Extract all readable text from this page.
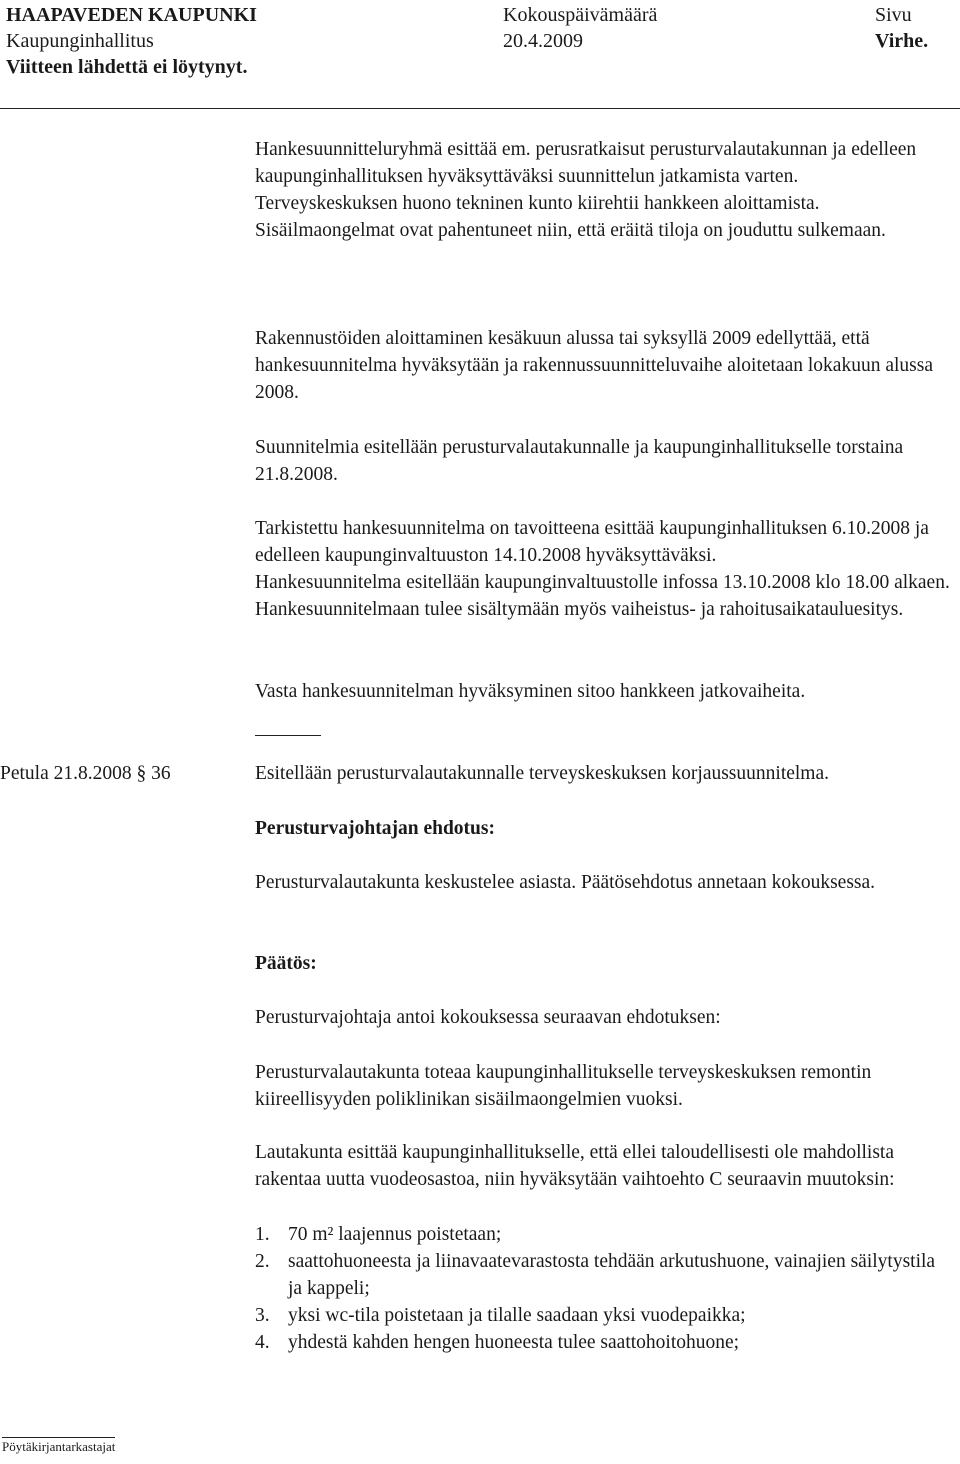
HAAPAVEDEN KAUPUNKI
Kaupunginhallitus
Viitteen lähdettä ei löytynyt.
Kokouspäivämäärä
20.4.2009
Sivu
Virhe.

Hankesuunnitteluryhmä esittää em. perusratkaisut perusturvalautakunnan ja edelleen kaupunginhallituksen hyväksyttäväksi suunnittelun jatkamista varten.

Terveyskeskuksen huono tekninen kunto kiirehtii hankkeen aloittamista.

Sisäilmaongelmat ovat pahentuneet niin, että eräitä tiloja on jouduttu sulkemaan.

Rakennustöiden aloittaminen kesäkuun alussa tai syksyllä 2009 edellyttää, että hankesuunnitelma hyväksytään ja rakennussuunnitteluvaihe aloitetaan lokakuun alussa 2008.
Suunnitelmia esitellään perusturvalautakunnalle ja kaupunginhallitukselle torstaina 21.8.2008.

Tarkistettu hankesuunnitelma on tavoitteena esittää kaupunginhallituksen 6.10.2008 ja edelleen kaupunginvaltuuston 14.10.2008 hyväksyttäväksi.

Hankesuunnitelma esitellään kaupunginvaltuustolle infossa 13.10.2008 klo 18.00 alkaen.

Hankesuunnitelmaan tulee sisältymään myös vaiheistus- ja rahoitusaikatauluesitys.

Vasta hankesuunnitelman hyväksyminen sitoo hankkeen jatkovaiheita.
Petula 21.8.2008 § 36	Esitellään perusturvalautakunnalle terveyskeskuksen korjaussuunnitelma.
Perusturvajohtajan ehdotus:
Perusturvalautakunta keskustelee asiasta. Päätösehdotus annetaan kokouksessa.
Päätös:
Perusturvajohtaja antoi kokouksessa seuraavan ehdotuksen:
Perusturvalautakunta toteaa kaupunginhallitukselle terveyskeskuksen remontin kiireellisyyden poliklinikan sisäilmaongelmien vuoksi.
Lautakunta esittää kaupunginhallitukselle, että ellei taloudellisesti ole mahdollista rakentaa uutta vuodeosastoa, niin hyväksytään vaihtoehto C seuraavin muutoksin:
1. 70 m² laajennus poistetaan;
2. saattohuoneesta ja liinavaatevarastosta tehdään arkutushuone, vainajien säilytystila ja kappeli;
3. yksi wc-tila poistetaan ja tilalle saadaan yksi vuodepaikka;
4. yhdestä kahden hengen huoneesta tulee saattohoitohuone;
Pöytäkirjantarkastajat
